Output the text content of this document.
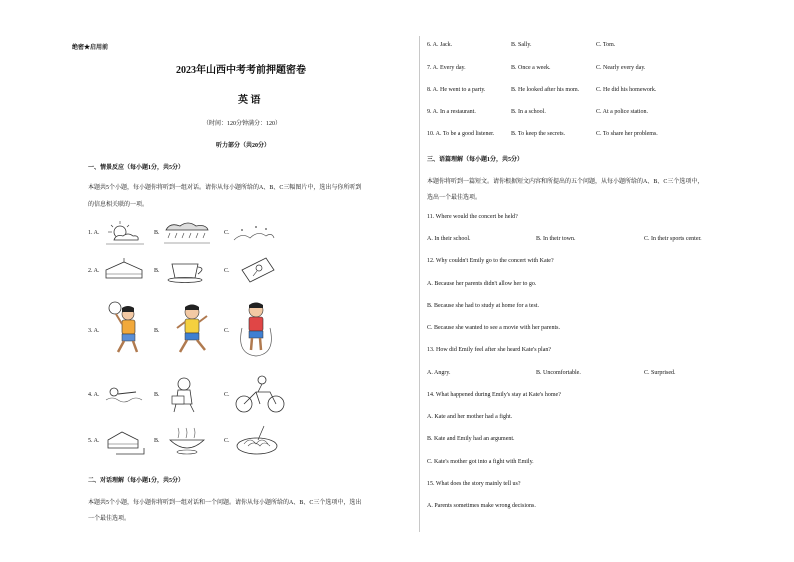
绝密★启用前
2023年山西中考考前押题密卷
英 语
（时间：120分钟满分：120）
听力部分（共20分）
一、情景反应（每小题1分，共5分）
本题共5个小题，每小题你将听到一组对话。请你从每小题所给的A、B、C三幅图片中，选出与你所听到
的信息相关联的一项。
1. A.	B.	C.
2. A.	B.	C.
3. A.	B.	C.
4. A.	B.	C.
5. A.	B.	C.
二、对话理解（每小题1分，共5分）
本题共5个小题，每小题你将听到一组对话和一个问题。请你从每小题所给的A、B、C三个选项中，选出
一个最佳选项。
6. A. Jack.	B. Sally.	C. Tom.
7. A. Every day.	B. Once a week.	C. Nearly every day.
8. A. He went to a party.	B. He looked after his mom.	C. He did his homework.
9. A. In a restaurant.	B. In a school.	C. At a police station.
10. A. To be a good listener.	B. To keep the secrets.	C. To share her problems.
三、语篇理解（每小题1分，共5分）
本题你将听到一篇短文。请你根据短文内容和所提出的五个问题，从每小题所给的A、B、C三个选项中，
选出一个最佳选项。
11. Where would the concert be held?
A. In their school.	B. In their town.	C. In their sports center.
12. Why couldn't Emily go to the concert with Kate?
A. Because her parents didn't allow her to go.
B. Because she had to study at home for a test.
C. Because she wanted to see a movie with her parents.
13. How did Emily feel after she heard Kate's plan?
A. Angry.	B. Uncomfortable.	C. Surprised.
14. What happened during Emily's stay at Kate's home?
A. Kate and her mother had a fight.
B. Kate and Emily had an argument.
C. Kate's mother got into a fight with Emily.
15. What does the story mainly tell us?
A. Parents sometimes make wrong decisions.
